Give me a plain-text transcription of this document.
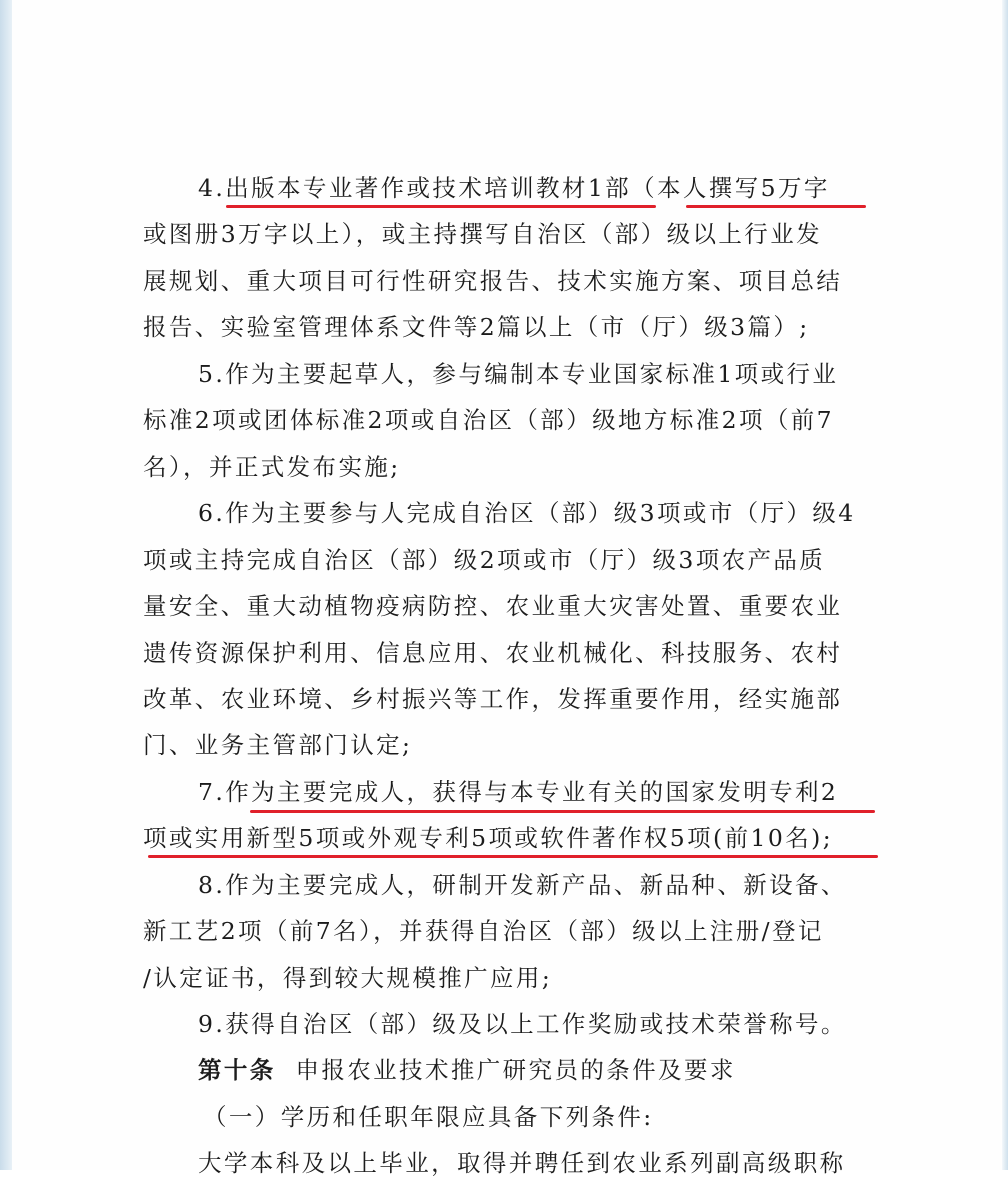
4.出版本专业著作或技术培训教材1部（本人撰写5万字
或图册3万字以上），或主持撰写自治区（部）级以上行业发
展规划、重大项目可行性研究报告、技术实施方案、项目总结
报告、实验室管理体系文件等2篇以上（市（厅）级3篇）;
5.作为主要起草人，参与编制本专业国家标准1项或行业
标准2项或团体标准2项或自治区（部）级地方标准2项（前7
名），并正式发布实施;
6.作为主要参与人完成自治区（部）级3项或市（厅）级4
项或主持完成自治区（部）级2项或市（厅）级3项农产品质
量安全、重大动植物疫病防控、农业重大灾害处置、重要农业
遗传资源保护利用、信息应用、农业机械化、科技服务、农村
改革、农业环境、乡村振兴等工作，发挥重要作用，经实施部
门、业务主管部门认定;
7.作为主要完成人，获得与本专业有关的国家发明专利2
项或实用新型5项或外观专利5项或软件著作权5项(前10名);
8.作为主要完成人，研制开发新产品、新品种、新设备、
新工艺2项（前7名），并获得自治区（部）级以上注册/登记
/认定证书，得到较大规模推广应用;
9.获得自治区（部）级及以上工作奖励或技术荣誉称号。
第十条 申报农业技术推广研究员的条件及要求
（一）学历和任职年限应具备下列条件:
大学本科及以上毕业，取得并聘任到农业系列副高级职称
